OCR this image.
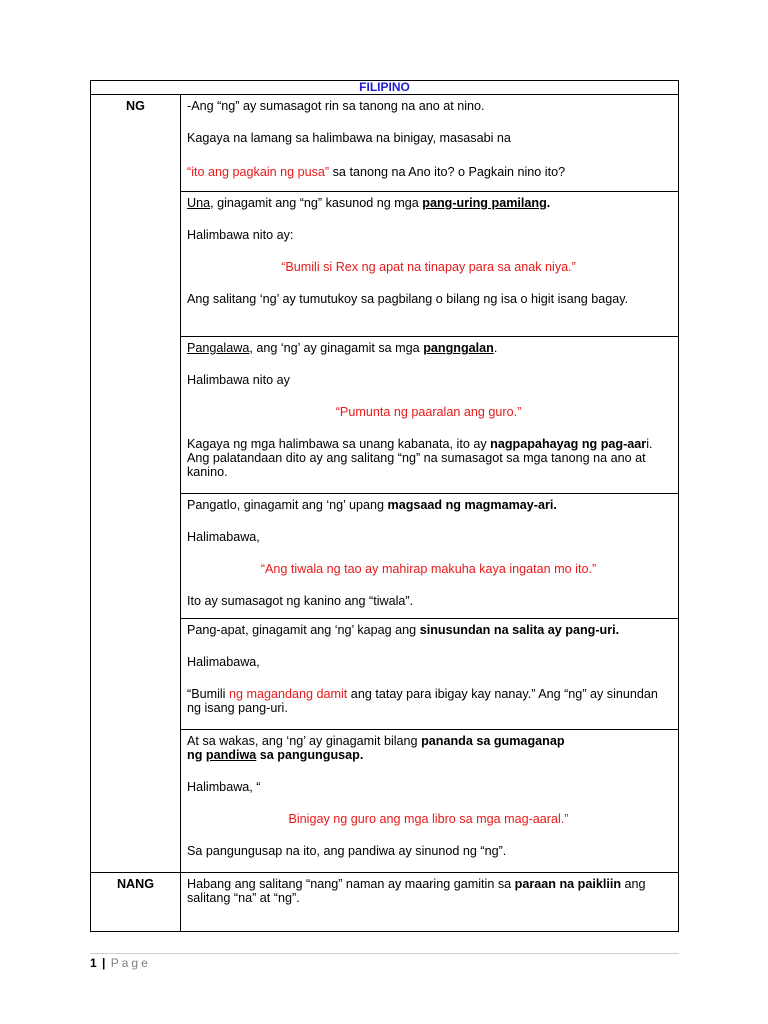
FILIPINO	
NG	-Ang “ng” ay sumasagot rin sa tanong na ano at nino.

Kagaya na lamang sa halimbawa na binigay, masasabi na

“ito ang pagkain ng pusa” sa tanong na Ano ito? o Pagkain nino ito?

	Una, ginagamit ang “ng” kasunod ng mga pang-uring pamilang.

Halimbawa nito ay:

“Bumili si Rex ng apat na tinapay para sa anak niya.”

Ang salitang ‘ng’ ay tumutukoy sa pagbilang o bilang ng isa o higit isang bagay.

	Pangalawa, ang ‘ng’ ay ginagamit sa mga pangngalan.

Halimbawa nito ay

“Pumunta ng paaralan ang guro.”

Kagaya ng mga halimbawa sa unang kabanata, ito ay nagpapahayag ng pag-aari. Ang palatandaan dito ay ang salitang “ng” na sumasagot sa mga tanong na ano at kanino.

	Pangatlo, ginagamit ang ‘ng’ upang magsaad ng magmamay-ari.

Halimabawa,

“Ang tiwala ng tao ay mahirap makuha kaya ingatan mo ito.”

Ito ay sumasagot ng kanino ang “tiwala”.

	Pang-apat, ginagamit ang ‘ng’ kapag ang sinusundan na salita ay pang-uri.

Halimabawa,

“Bumili ng magandang damit ang tatay para ibigay kay nanay.” Ang “ng” ay sinundan ng isang pang-uri.

	At sa wakas, ang ‘ng’ ay ginagamit bilang pananda sa gumaganap
ng pandiwa sa pangungusap.

Halimbawa, “

Binigay ng guro ang mga libro sa mga mag-aaral.”

Sa pangungusap na ito, ang pandiwa ay sinunod ng “ng”.

NANG	Habang ang salitang “nang” naman ay maaring gamitin sa paraan na paikliin ang salitang “na” at “ng”.

1 | Page
